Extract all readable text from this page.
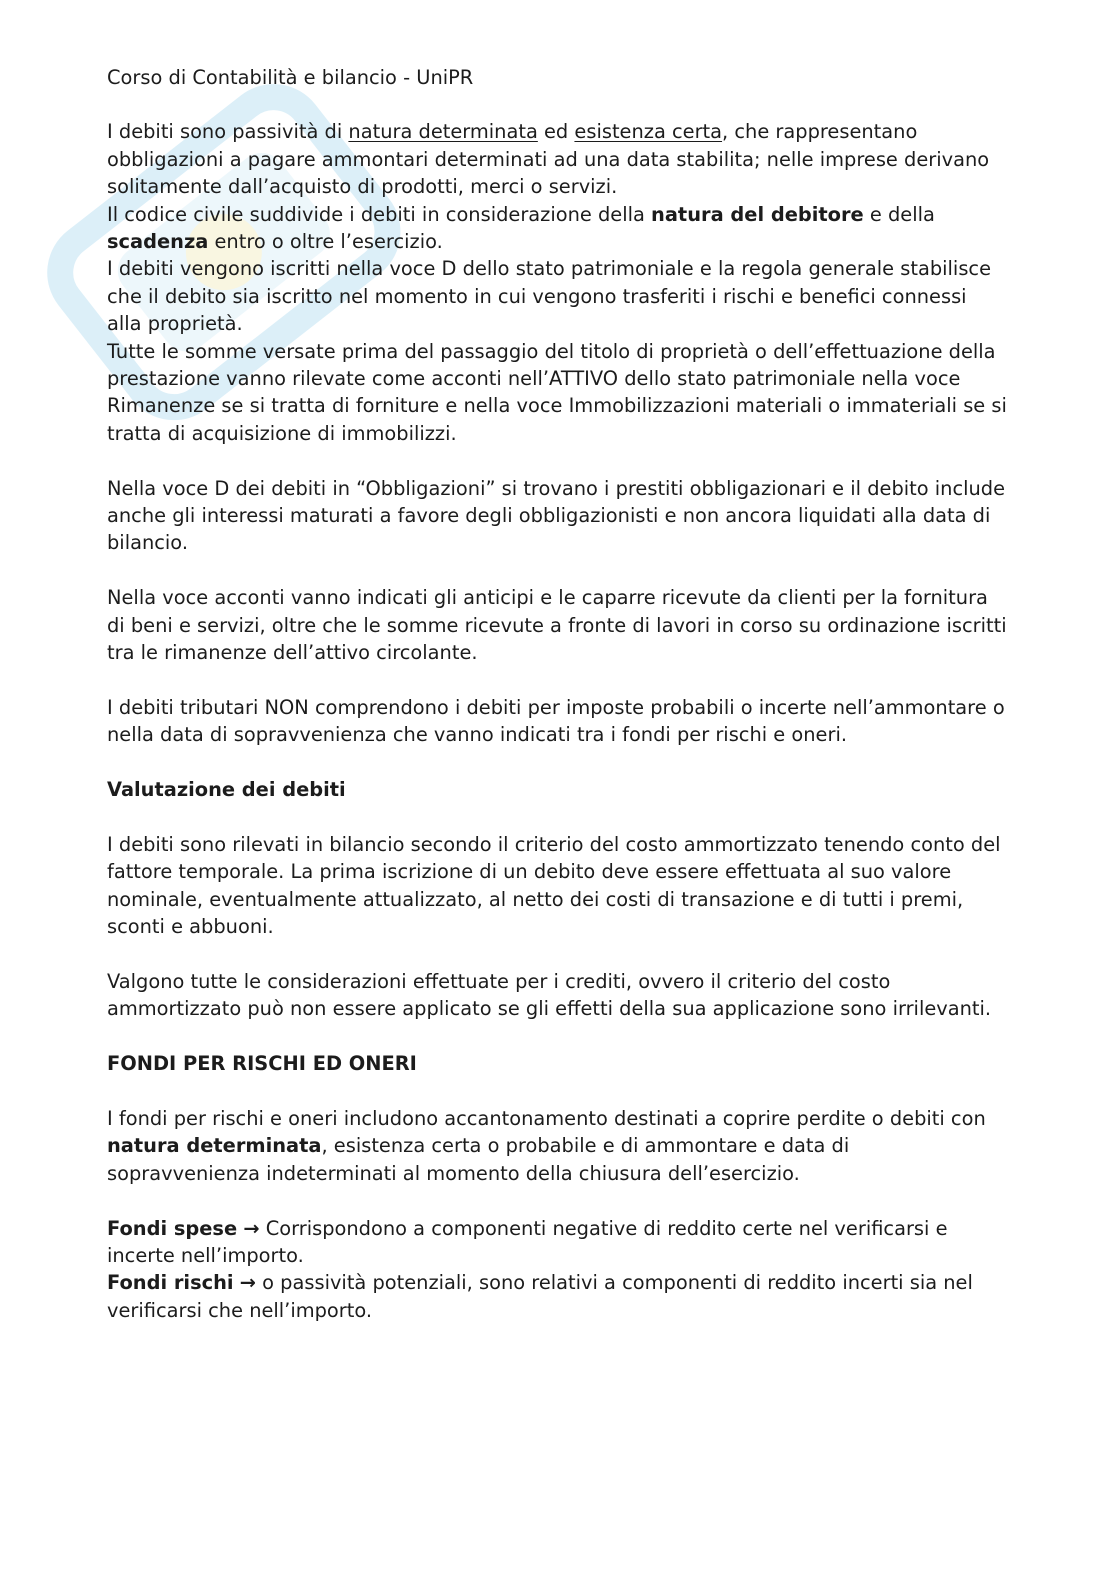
Corso di Contabilità e bilancio - UniPR

I debiti sono passività di natura determinata ed esistenza certa, che rappresentano obbligazioni a pagare ammontari determinati ad una data stabilita; nelle imprese derivano solitamente dall’acquisto di prodotti, merci o servizi.

Il codice civile suddivide i debiti in considerazione della natura del debitore e della scadenza entro o oltre l’esercizio.

I debiti vengono iscritti nella voce D dello stato patrimoniale e la regola generale stabilisce che il debito sia iscritto nel momento in cui vengono trasferiti i rischi e benefici connessi alla proprietà.

Tutte le somme versate prima del passaggio del titolo di proprietà o dell’effettuazione della prestazione vanno rilevate come acconti nell’ATTIVO dello stato patrimoniale nella voce Rimanenze se si tratta di forniture e nella voce Immobilizzazioni materiali o immateriali se si tratta di acquisizione di immobilizzi.

Nella voce D dei debiti in “Obbligazioni” si trovano i prestiti obbligazionari e il debito include anche gli interessi maturati a favore degli obbligazionisti e non ancora liquidati alla data di bilancio.

Nella voce acconti vanno indicati gli anticipi e le caparre ricevute da clienti per la fornitura di beni e servizi, oltre che le somme ricevute a fronte di lavori in corso su ordinazione iscritti tra le rimanenze dell’attivo circolante.

I debiti tributari NON comprendono i debiti per imposte probabili o incerte nell’ammontare o nella data di sopravvenienza che vanno indicati tra i fondi per rischi e oneri.

Valutazione dei debiti

I debiti sono rilevati in bilancio secondo il criterio del costo ammortizzato tenendo conto del fattore temporale. La prima iscrizione di un debito deve essere effettuata al suo valore nominale, eventualmente attualizzato, al netto dei costi di transazione e di tutti i premi, sconti e abbuoni.

Valgono tutte le considerazioni effettuate per i crediti, ovvero il criterio del costo ammortizzato può non essere applicato se gli effetti della sua applicazione sono irrilevanti.

FONDI PER RISCHI ED ONERI

I fondi per rischi e oneri includono accantonamento destinati a coprire perdite o debiti con natura determinata, esistenza certa o probabile e di ammontare e data di sopravvenienza indeterminati al momento della chiusura dell’esercizio.

Fondi spese → Corrispondono a componenti negative di reddito certe nel verificarsi e incerte nell’importo.

Fondi rischi → o passività potenziali, sono relativi a componenti di reddito incerti sia nel verificarsi che nell’importo.
